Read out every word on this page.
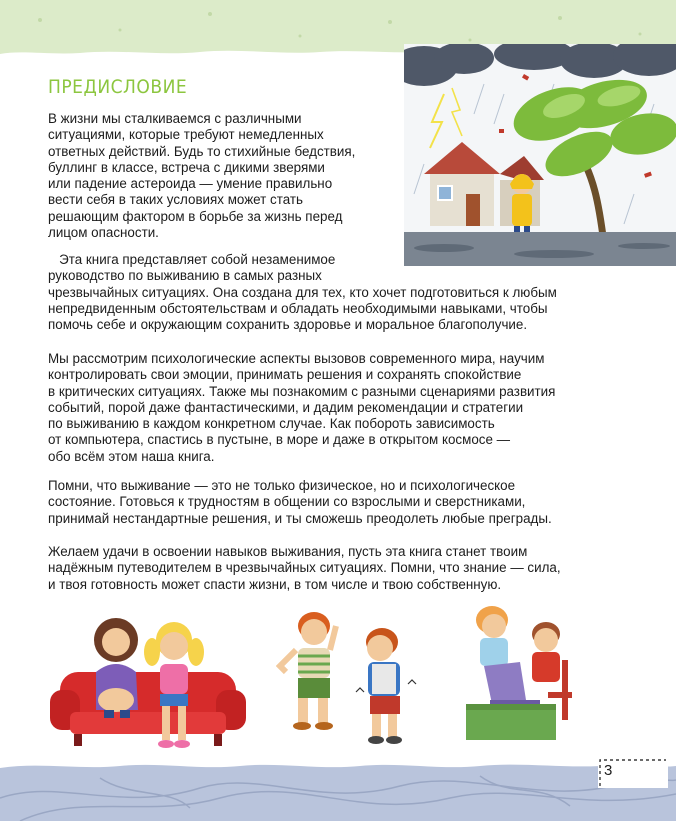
ПРЕДИСЛОВИЕ

В жизни мы сталкиваемся с различными
ситуациями, которые требуют немедленных
ответных действий. Будь то стихийные бедствия,
буллинг в классе, встреча с дикими зверями
или падение астероида — умение правильно
вести себя в таких условиях может стать
решающим фактором в борьбе за жизнь перед
лицом опасности.

Эта книга представляет собой незаменимое
руководство по выживанию в самых разных
чрезвычайных ситуациях. Она создана для тех, кто хочет подготовиться к любым
непредвиденным обстоятельствам и обладать необходимыми навыками, чтобы
помочь себе и окружающим сохранить здоровье и моральное благополучие.

Мы рассмотрим психологические аспекты вызовов современного мира, научим
контролировать свои эмоции, принимать решения и сохранять спокойствие
в критических ситуациях. Также мы познакомим с разными сценариями развития
событий, порой даже фантастическими, и дадим рекомендации и стратегии
по выживанию в каждом конкретном случае. Как побороть зависимость
от компьютера, спастись в пустыне, в море и даже в открытом космосе —
обо всём этом наша книга.

Помни, что выживание — это не только физическое, но и психологическое
состояние. Готовься к трудностям в общении со взрослыми и сверстниками,
принимай нестандартные решения, и ты сможешь преодолеть любые преграды.

Желаем удачи в освоении навыков выживания, пусть эта книга станет твоим
надёжным путеводителем в чрезвычайных ситуациях. Помни, что знание — сила,
и твоя готовность может спасти жизни, в том числе и твою собственную.

3
